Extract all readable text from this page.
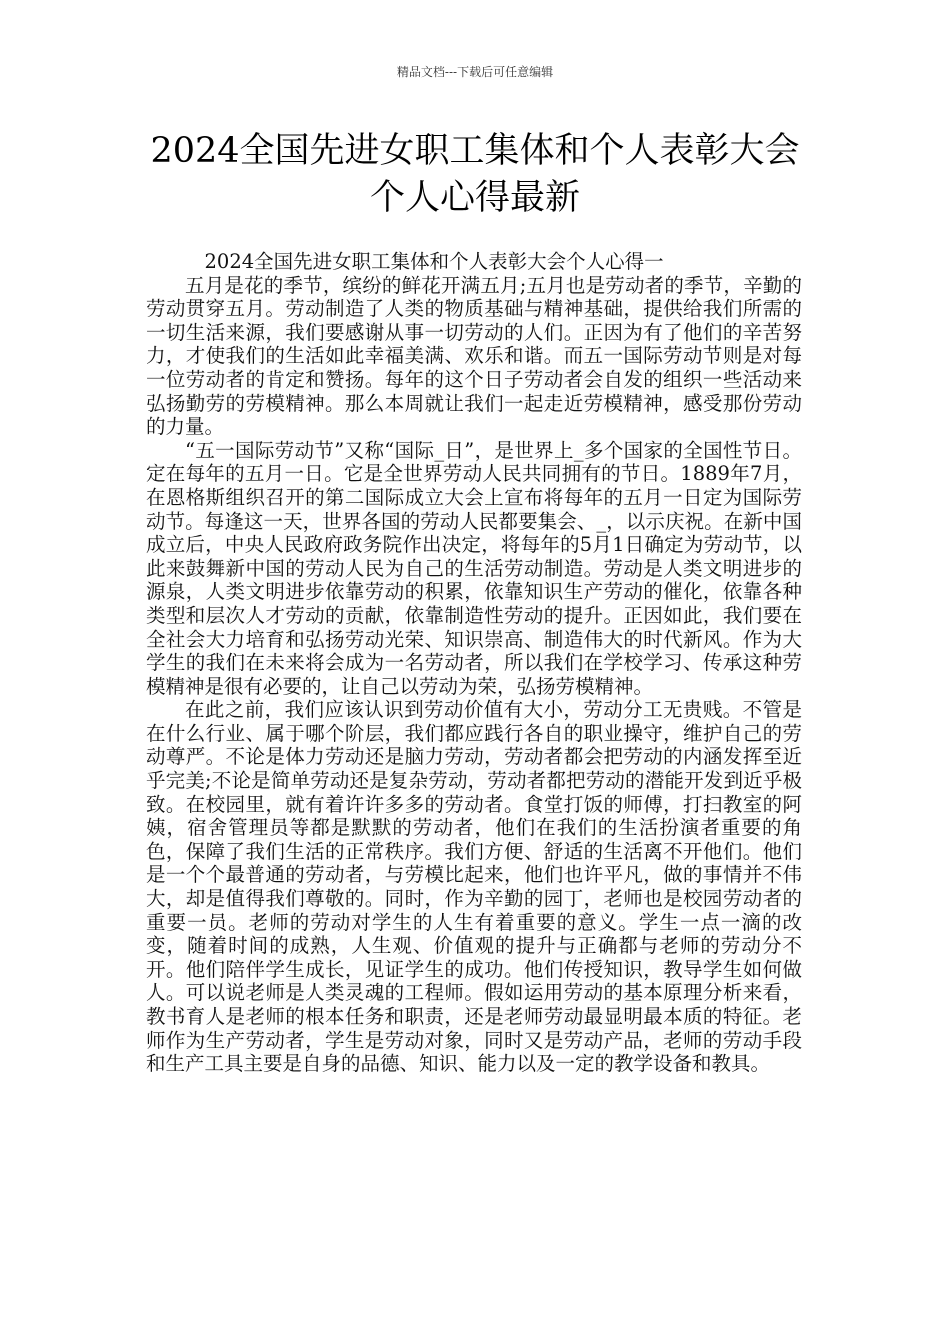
精品文档---下载后可任意编辑
2024全国先进女职工集体和个人表彰大会
个人心得最新

2024全国先进女职工集体和个人表彰大会个人心得一

五月是花的季节，缤纷的鲜花开满五月;五月也是劳动者的季节，辛勤的劳动贯穿五月。劳动制造了人类的物质基础与精神基础，提供给我们所需的一切生活来源，我们要感谢从事一切劳动的人们。正因为有了他们的辛苦努力，才使我们的生活如此幸福美满、欢乐和谐。而五一国际劳动节则是对每一位劳动者的肯定和赞扬。每年的这个日子劳动者会自发的组织一些活动来弘扬勤劳的劳模精神。那么本周就让我们一起走近劳模精神，感受那份劳动的力量。

“五一国际劳动节”又称“国际_日”，是世界上_多个国家的全国性节日。定在每年的五月一日。它是全世界劳动人民共同拥有的节日。1889年7月，在恩格斯组织召开的第二国际成立大会上宣布将每年的五月一日定为国际劳动节。每逢这一天，世界各国的劳动人民都要集会、_，以示庆祝。在新中国成立后，中央人民政府政务院作出决定，将每年的5月1日确定为劳动节，以此来鼓舞新中国的劳动人民为自己的生活劳动制造。劳动是人类文明进步的源泉，人类文明进步依靠劳动的积累，依靠知识生产劳动的催化，依靠各种类型和层次人才劳动的贡献，依靠制造性劳动的提升。正因如此，我们要在全社会大力培育和弘扬劳动光荣、知识崇高、制造伟大的时代新风。作为大学生的我们在未来将会成为一名劳动者，所以我们在学校学习、传承这种劳模精神是很有必要的，让自己以劳动为荣，弘扬劳模精神。

在此之前，我们应该认识到劳动价值有大小，劳动分工无贵贱。不管是在什么行业、属于哪个阶层，我们都应践行各自的职业操守，维护自己的劳动尊严。不论是体力劳动还是脑力劳动，劳动者都会把劳动的内涵发挥至近乎完美;不论是简单劳动还是复杂劳动，劳动者都把劳动的潜能开发到近乎极致。在校园里，就有着许许多多的劳动者。食堂打饭的师傅，打扫教室的阿姨，宿舍管理员等都是默默的劳动者，他们在我们的生活扮演者重要的角色，保障了我们生活的正常秩序。我们方便、舒适的生活离不开他们。他们是一个个最普通的劳动者，与劳模比起来，他们也许平凡，做的事情并不伟大，却是值得我们尊敬的。同时，作为辛勤的园丁，老师也是校园劳动者的重要一员。老师的劳动对学生的人生有着重要的意义。学生一点一滴的改变，随着时间的成熟，人生观、价值观的提升与正确都与老师的劳动分不开。他们陪伴学生成长，见证学生的成功。他们传授知识，教导学生如何做人。可以说老师是人类灵魂的工程师。假如运用劳动的基本原理分析来看，教书育人是老师的根本任务和职责，还是老师劳动最显明最本质的特征。老师作为生产劳动者，学生是劳动对象，同时又是劳动产品，老师的劳动手段和生产工具主要是自身的品德、知识、能力以及一定的教学设备和教具。
